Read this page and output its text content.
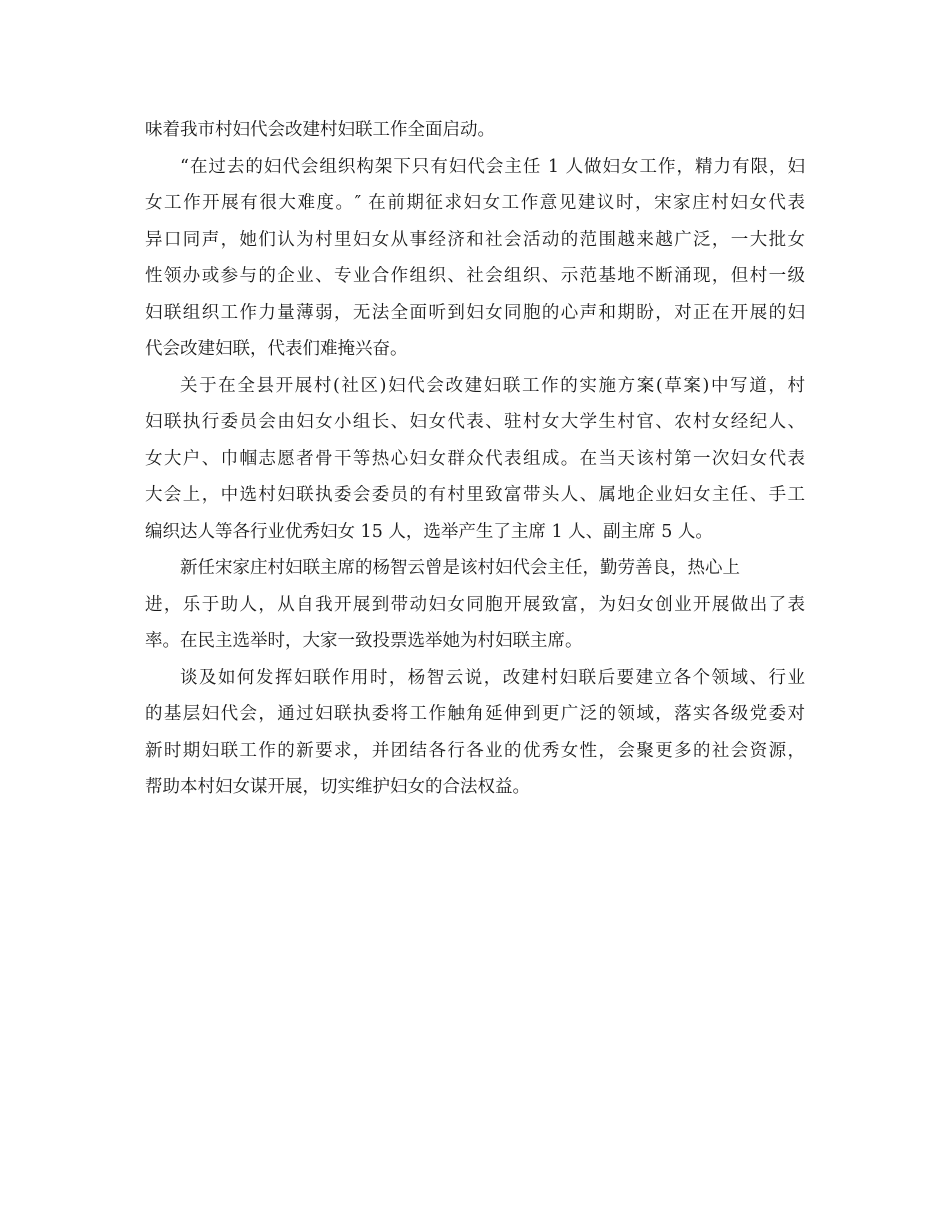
味着我市村妇代会改建村妇联工作全面启动。
“在过去的妇代会组织构架下只有妇代会主任 1 人做妇女工作，精力有限，妇
女工作开展有很大难度。″ 在前期征求妇女工作意见建议时，宋家庄村妇女代表
异口同声，她们认为村里妇女从事经济和社会活动的范围越来越广泛，一大批女
性领办或参与的企业、专业合作组织、社会组织、示范基地不断涌现，但村一级
妇联组织工作力量薄弱，无法全面听到妇女同胞的心声和期盼，对正在开展的妇
代会改建妇联，代表们难掩兴奋。
关于在全县开展村(社区)妇代会改建妇联工作的实施方案(草案)中写道，村
妇联执行委员会由妇女小组长、妇女代表、驻村女大学生村官、农村女经纪人、
女大户、巾帼志愿者骨干等热心妇女群众代表组成。在当天该村第一次妇女代表
大会上，中选村妇联执委会委员的有村里致富带头人、属地企业妇女主任、手工
编织达人等各行业优秀妇女 15 人，选举产生了主席 1 人、副主席 5 人。
新任宋家庄村妇联主席的杨智云曾是该村妇代会主任，勤劳善良，热心上
进，乐于助人，从自我开展到带动妇女同胞开展致富，为妇女创业开展做出了表
率。在民主选举时，大家一致投票选举她为村妇联主席。
谈及如何发挥妇联作用时，杨智云说，改建村妇联后要建立各个领域、行业
的基层妇代会，通过妇联执委将工作触角延伸到更广泛的领域，落实各级党委对
新时期妇联工作的新要求，并团结各行各业的优秀女性，会聚更多的社会资源，
帮助本村妇女谋开展，切实维护妇女的合法权益。
